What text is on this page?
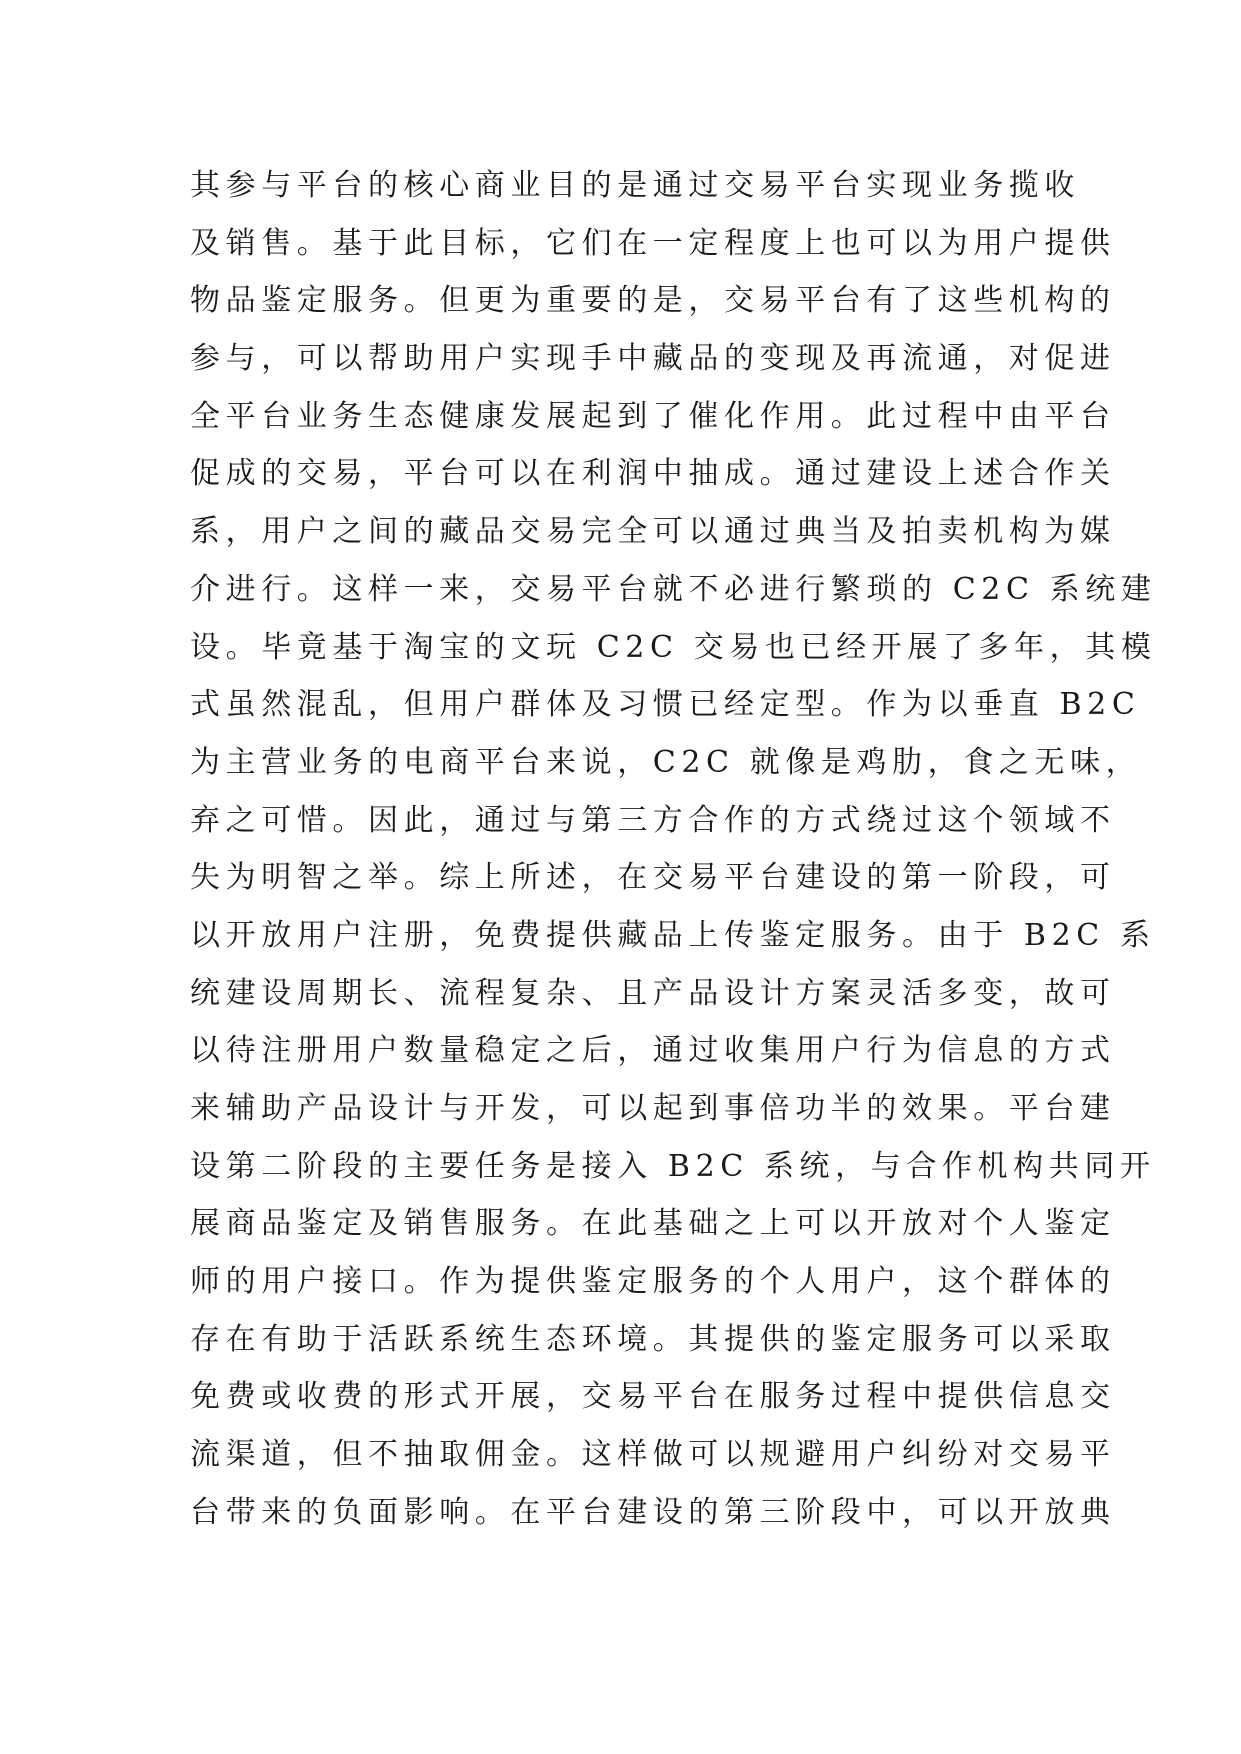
其参与平台的核心商业目的是通过交易平台实现业务揽收
及销售。基于此目标，它们在一定程度上也可以为用户提供
物品鉴定服务。但更为重要的是，交易平台有了这些机构的
参与，可以帮助用户实现手中藏品的变现及再流通，对促进
全平台业务生态健康发展起到了催化作用。此过程中由平台
促成的交易，平台可以在利润中抽成。通过建设上述合作关
系，用户之间的藏品交易完全可以通过典当及拍卖机构为媒
介进行。这样一来，交易平台就不必进行繁琐的 C2C 系统建
设。毕竟基于淘宝的文玩 C2C 交易也已经开展了多年，其模
式虽然混乱，但用户群体及习惯已经定型。作为以垂直 B2C
为主营业务的电商平台来说，C2C 就像是鸡肋，食之无味，
弃之可惜。因此，通过与第三方合作的方式绕过这个领域不
失为明智之举。综上所述，在交易平台建设的第一阶段，可
以开放用户注册，免费提供藏品上传鉴定服务。由于 B2C 系
统建设周期长、流程复杂、且产品设计方案灵活多变，故可
以待注册用户数量稳定之后，通过收集用户行为信息的方式
来辅助产品设计与开发，可以起到事倍功半的效果。平台建
设第二阶段的主要任务是接入 B2C 系统，与合作机构共同开
展商品鉴定及销售服务。在此基础之上可以开放对个人鉴定
师的用户接口。作为提供鉴定服务的个人用户，这个群体的
存在有助于活跃系统生态环境。其提供的鉴定服务可以采取
免费或收费的形式开展，交易平台在服务过程中提供信息交
流渠道，但不抽取佣金。这样做可以规避用户纠纷对交易平
台带来的负面影响。在平台建设的第三阶段中，可以开放典
